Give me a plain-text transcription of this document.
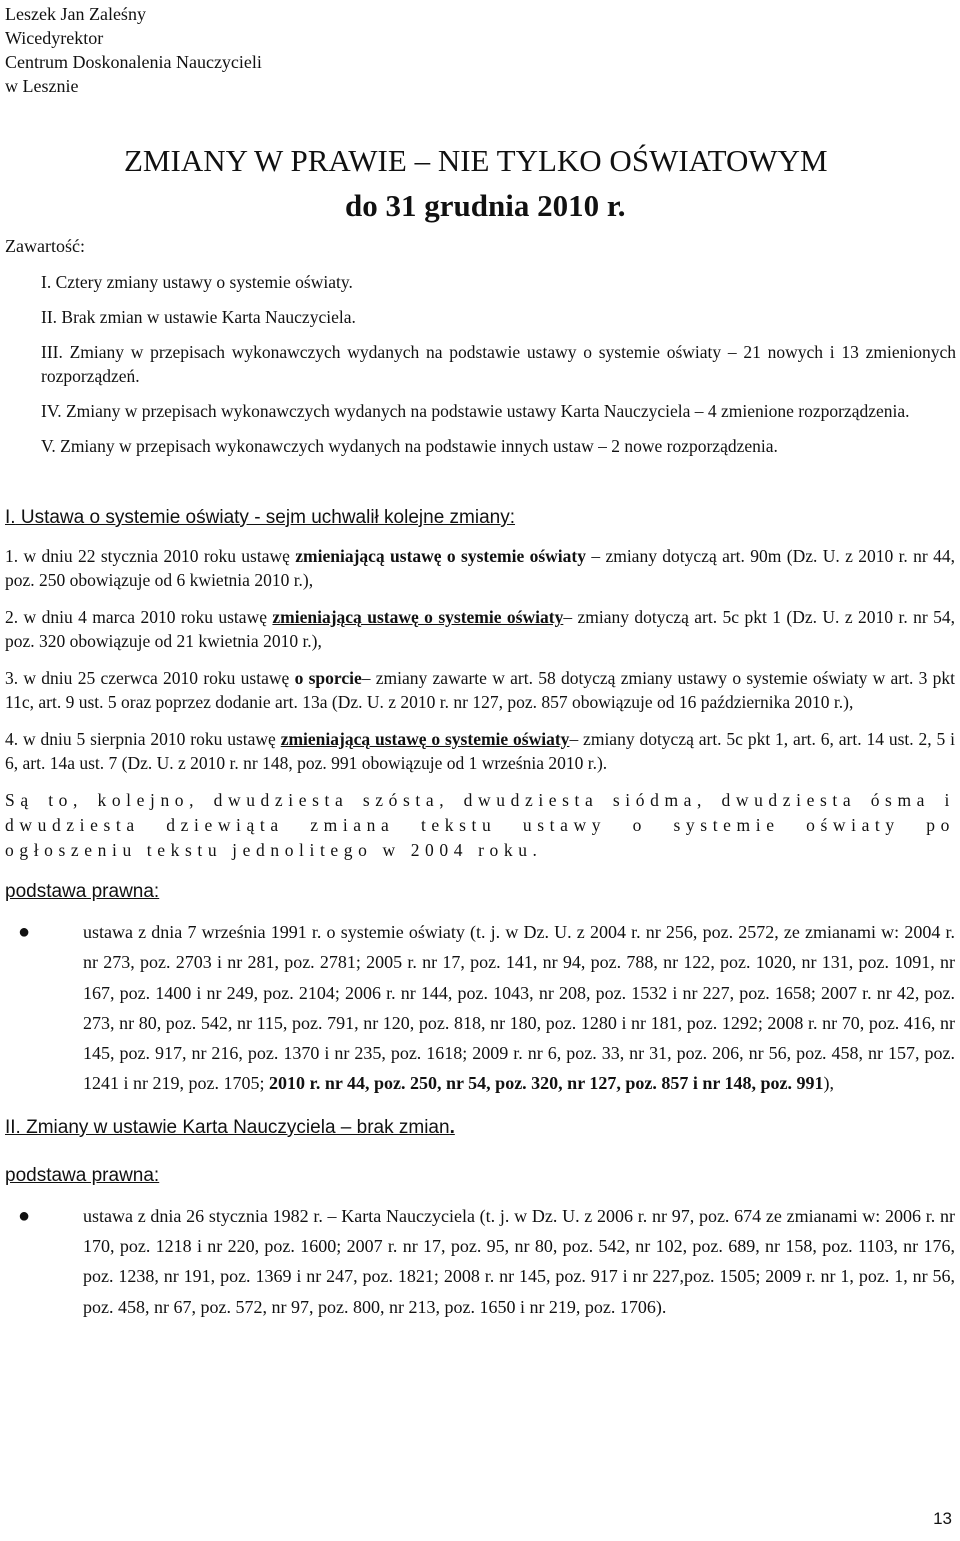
Leszek Jan Zaleśny
Wicedyrektor
Centrum Doskonalenia Nauczycieli
w Lesznie
ZMIANY W PRAWIE – NIE TYLKO OŚWIATOWYM
do 31 grudnia 2010 r.
Zawartość:

I. Cztery zmiany ustawy o systemie oświaty.

II. Brak zmian w ustawie Karta Nauczyciela.

III. Zmiany w przepisach wykonawczych wydanych na podstawie ustawy o systemie oświaty – 21 nowych i 13 zmienionych rozporządzeń.

IV. Zmiany w przepisach wykonawczych wydanych na podstawie ustawy Karta Nauczyciela – 4 zmienione rozporządzenia.

V. Zmiany w przepisach wykonawczych wydanych na podstawie innych ustaw – 2 nowe rozporządzenia.

I. Ustawa o systemie oświaty - sejm uchwalił kolejne zmiany:
1. w dniu 22 stycznia 2010 roku ustawę zmieniającą ustawę o systemie oświaty – zmiany dotyczą art. 90m (Dz. U. z 2010 r. nr 44, poz. 250 obowiązuje od 6 kwietnia 2010 r.),
2. w dniu 4 marca 2010 roku ustawę zmieniającą ustawę o systemie oświaty– zmiany dotyczą art. 5c pkt 1 (Dz. U. z 2010 r. nr 54, poz. 320 obowiązuje od 21 kwietnia 2010 r.),
3. w dniu 25 czerwca 2010 roku ustawę o sporcie– zmiany zawarte w art. 58 dotyczą zmiany ustawy o systemie oświaty w art. 3 pkt 11c, art. 9 ust. 5 oraz poprzez dodanie art. 13a (Dz. U. z 2010 r. nr 127, poz. 857 obowiązuje od 16 października 2010 r.),
4. w dniu 5 sierpnia 2010 roku ustawę zmieniającą ustawę o systemie oświaty– zmiany dotyczą art. 5c pkt 1, art. 6, art. 14 ust. 2, 5 i 6, art. 14a ust. 7 (Dz. U. z 2010 r. nr 148, poz. 991 obowiązuje od 1 września 2010 r.).
Są to, kolejno, dwudziesta szósta, dwudziesta siódma, dwudziesta ósma i dwudziesta dziewiąta zmiana tekstu ustawy o systemie oświaty po ogłoszeniu tekstu jednolitego w 2004 roku.
podstawa prawna:
●	ustawa z dnia 7 września 1991 r. o systemie oświaty (t. j. w Dz. U. z 2004 r. nr 256, poz. 2572, ze zmianami w: 2004 r. nr 273, poz. 2703 i nr 281, poz. 2781; 2005 r. nr 17, poz. 141, nr 94, poz. 788, nr 122, poz. 1020, nr 131, poz. 1091, nr 167, poz. 1400 i nr 249, poz. 2104; 2006 r. nr 144, poz. 1043, nr 208, poz. 1532 i nr 227, poz. 1658; 2007 r. nr 42, poz. 273, nr 80, poz. 542, nr 115, poz. 791, nr 120, poz. 818, nr 180, poz. 1280 i nr 181, poz. 1292; 2008 r. nr 70, poz. 416, nr 145, poz. 917, nr 216, poz. 1370 i nr 235, poz. 1618; 2009 r. nr 6, poz. 33, nr 31, poz. 206, nr 56, poz. 458, nr 157, poz. 1241 i nr 219, poz. 1705; 2010 r. nr 44, poz. 250, nr 54, poz. 320, nr 127, poz. 857 i nr 148, poz. 991),
II. Zmiany w ustawie Karta Nauczyciela – brak zmian.
podstawa prawna:
●	ustawa z dnia 26 stycznia 1982 r. – Karta Nauczyciela (t. j. w Dz. U. z 2006 r. nr 97, poz. 674 ze zmianami w: 2006 r. nr 170, poz. 1218 i nr 220, poz. 1600; 2007 r. nr 17, poz. 95, nr 80, poz. 542, nr 102, poz. 689, nr 158, poz. 1103, nr 176, poz. 1238, nr 191, poz. 1369 i nr 247, poz. 1821; 2008 r. nr 145, poz. 917 i nr 227,poz. 1505; 2009 r. nr 1, poz. 1, nr 56, poz. 458, nr 67, poz. 572, nr 97, poz. 800, nr 213, poz. 1650 i nr 219, poz. 1706).
13
